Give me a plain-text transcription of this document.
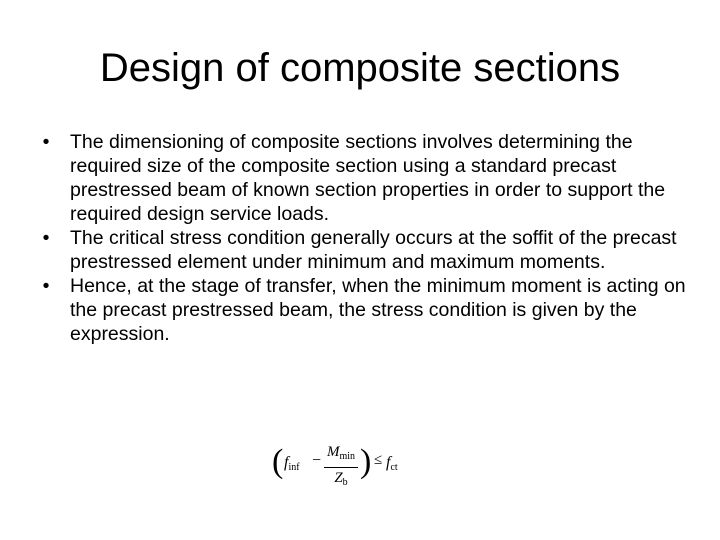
Design of composite sections
•	The dimensioning of composite sections involves determining the required size of the composite section using a standard precast prestressed beam of known section properties in order to support the required design service loads.
•	The critical stress condition generally occurs at the soffit of the precast prestressed element under minimum and maximum moments.
•	Hence, at the stage of transfer, when the minimum moment is acting on the precast prestressed beam, the stress condition is given by the expression.
( $f_{inf} - M_{min}$
$Z_b$
) ≤ $f_{ct}$
